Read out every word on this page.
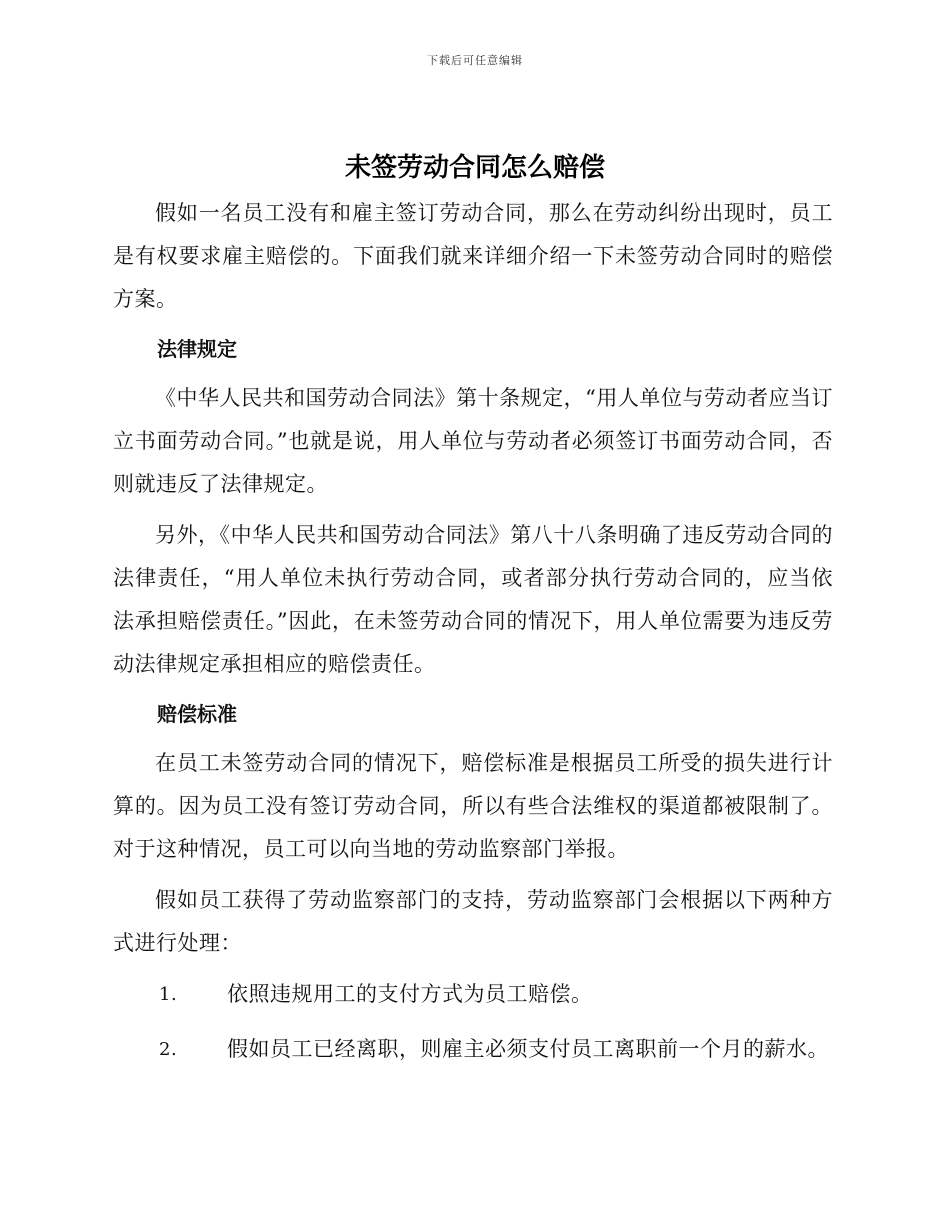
下载后可任意编辑
未签劳动合同怎么赔偿

假如一名员工没有和雇主签订劳动合同，那么在劳动纠纷出现时，员工是有权要求雇主赔偿的。下面我们就来详细介绍一下未签劳动合同时的赔偿方案。

法律规定

《中华人民共和国劳动合同法》第十条规定，“用人单位与劳动者应当订立书面劳动合同。”也就是说，用人单位与劳动者必须签订书面劳动合同，否则就违反了法律规定。

另外，《中华人民共和国劳动合同法》第八十八条明确了违反劳动合同的法律责任，“用人单位未执行劳动合同，或者部分执行劳动合同的，应当依法承担赔偿责任。”因此，在未签劳动合同的情况下，用人单位需要为违反劳动法律规定承担相应的赔偿责任。

赔偿标准

在员工未签劳动合同的情况下，赔偿标准是根据员工所受的损失进行计算的。因为员工没有签订劳动合同，所以有些合法维权的渠道都被限制了。对于这种情况，员工可以向当地的劳动监察部门举报。

假如员工获得了劳动监察部门的支持，劳动监察部门会根据以下两种方式进行处理：

1.	依照违规用工的支付方式为员工赔偿。
2.	假如员工已经离职，则雇主必须支付员工离职前一个月的薪水。
